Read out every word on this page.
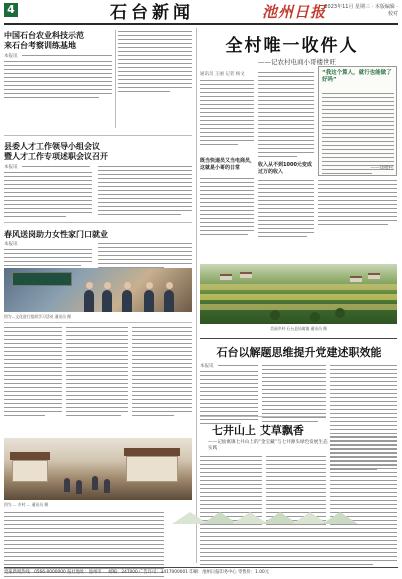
4	石台新闻	池州日报
2023年11月 星期三 · 本版编辑 · 校对
中国石台农业科技示范
来石台考察训练基地
本报讯
县委人才工作领导小组会议
暨人才工作专项述职会议召开
本报讯
春风送岗助力女性家门口就业
本报讯
图为…文化进行组织学习活动 通讯员 摄
图为 … 乡村 … 通讯员 摄
全村唯一收件人
——记农村电商小哥楼世旺
通讯员 王丽 记者 杨文
既当快递员又当电商员，这就是小哥的日常	收入从不到1000元变成过万的收入
“我这个算人，就行也能做了好吗”
——徐楼村
美丽乡村·石台县仙寓镇 通讯员 摄
石台以解题思维提升党建述职效能
本报讯
七井山上 艾草飘香
——记仙寓镇七井山上的“金宝藏”与七井源头绿色发展生态实践
党报新闻热线：0566-0000000 报社地址：池州市 … 邮编：247000 广告许可：3417000001 印刷：池州日报印务中心 零售价：1.00元
